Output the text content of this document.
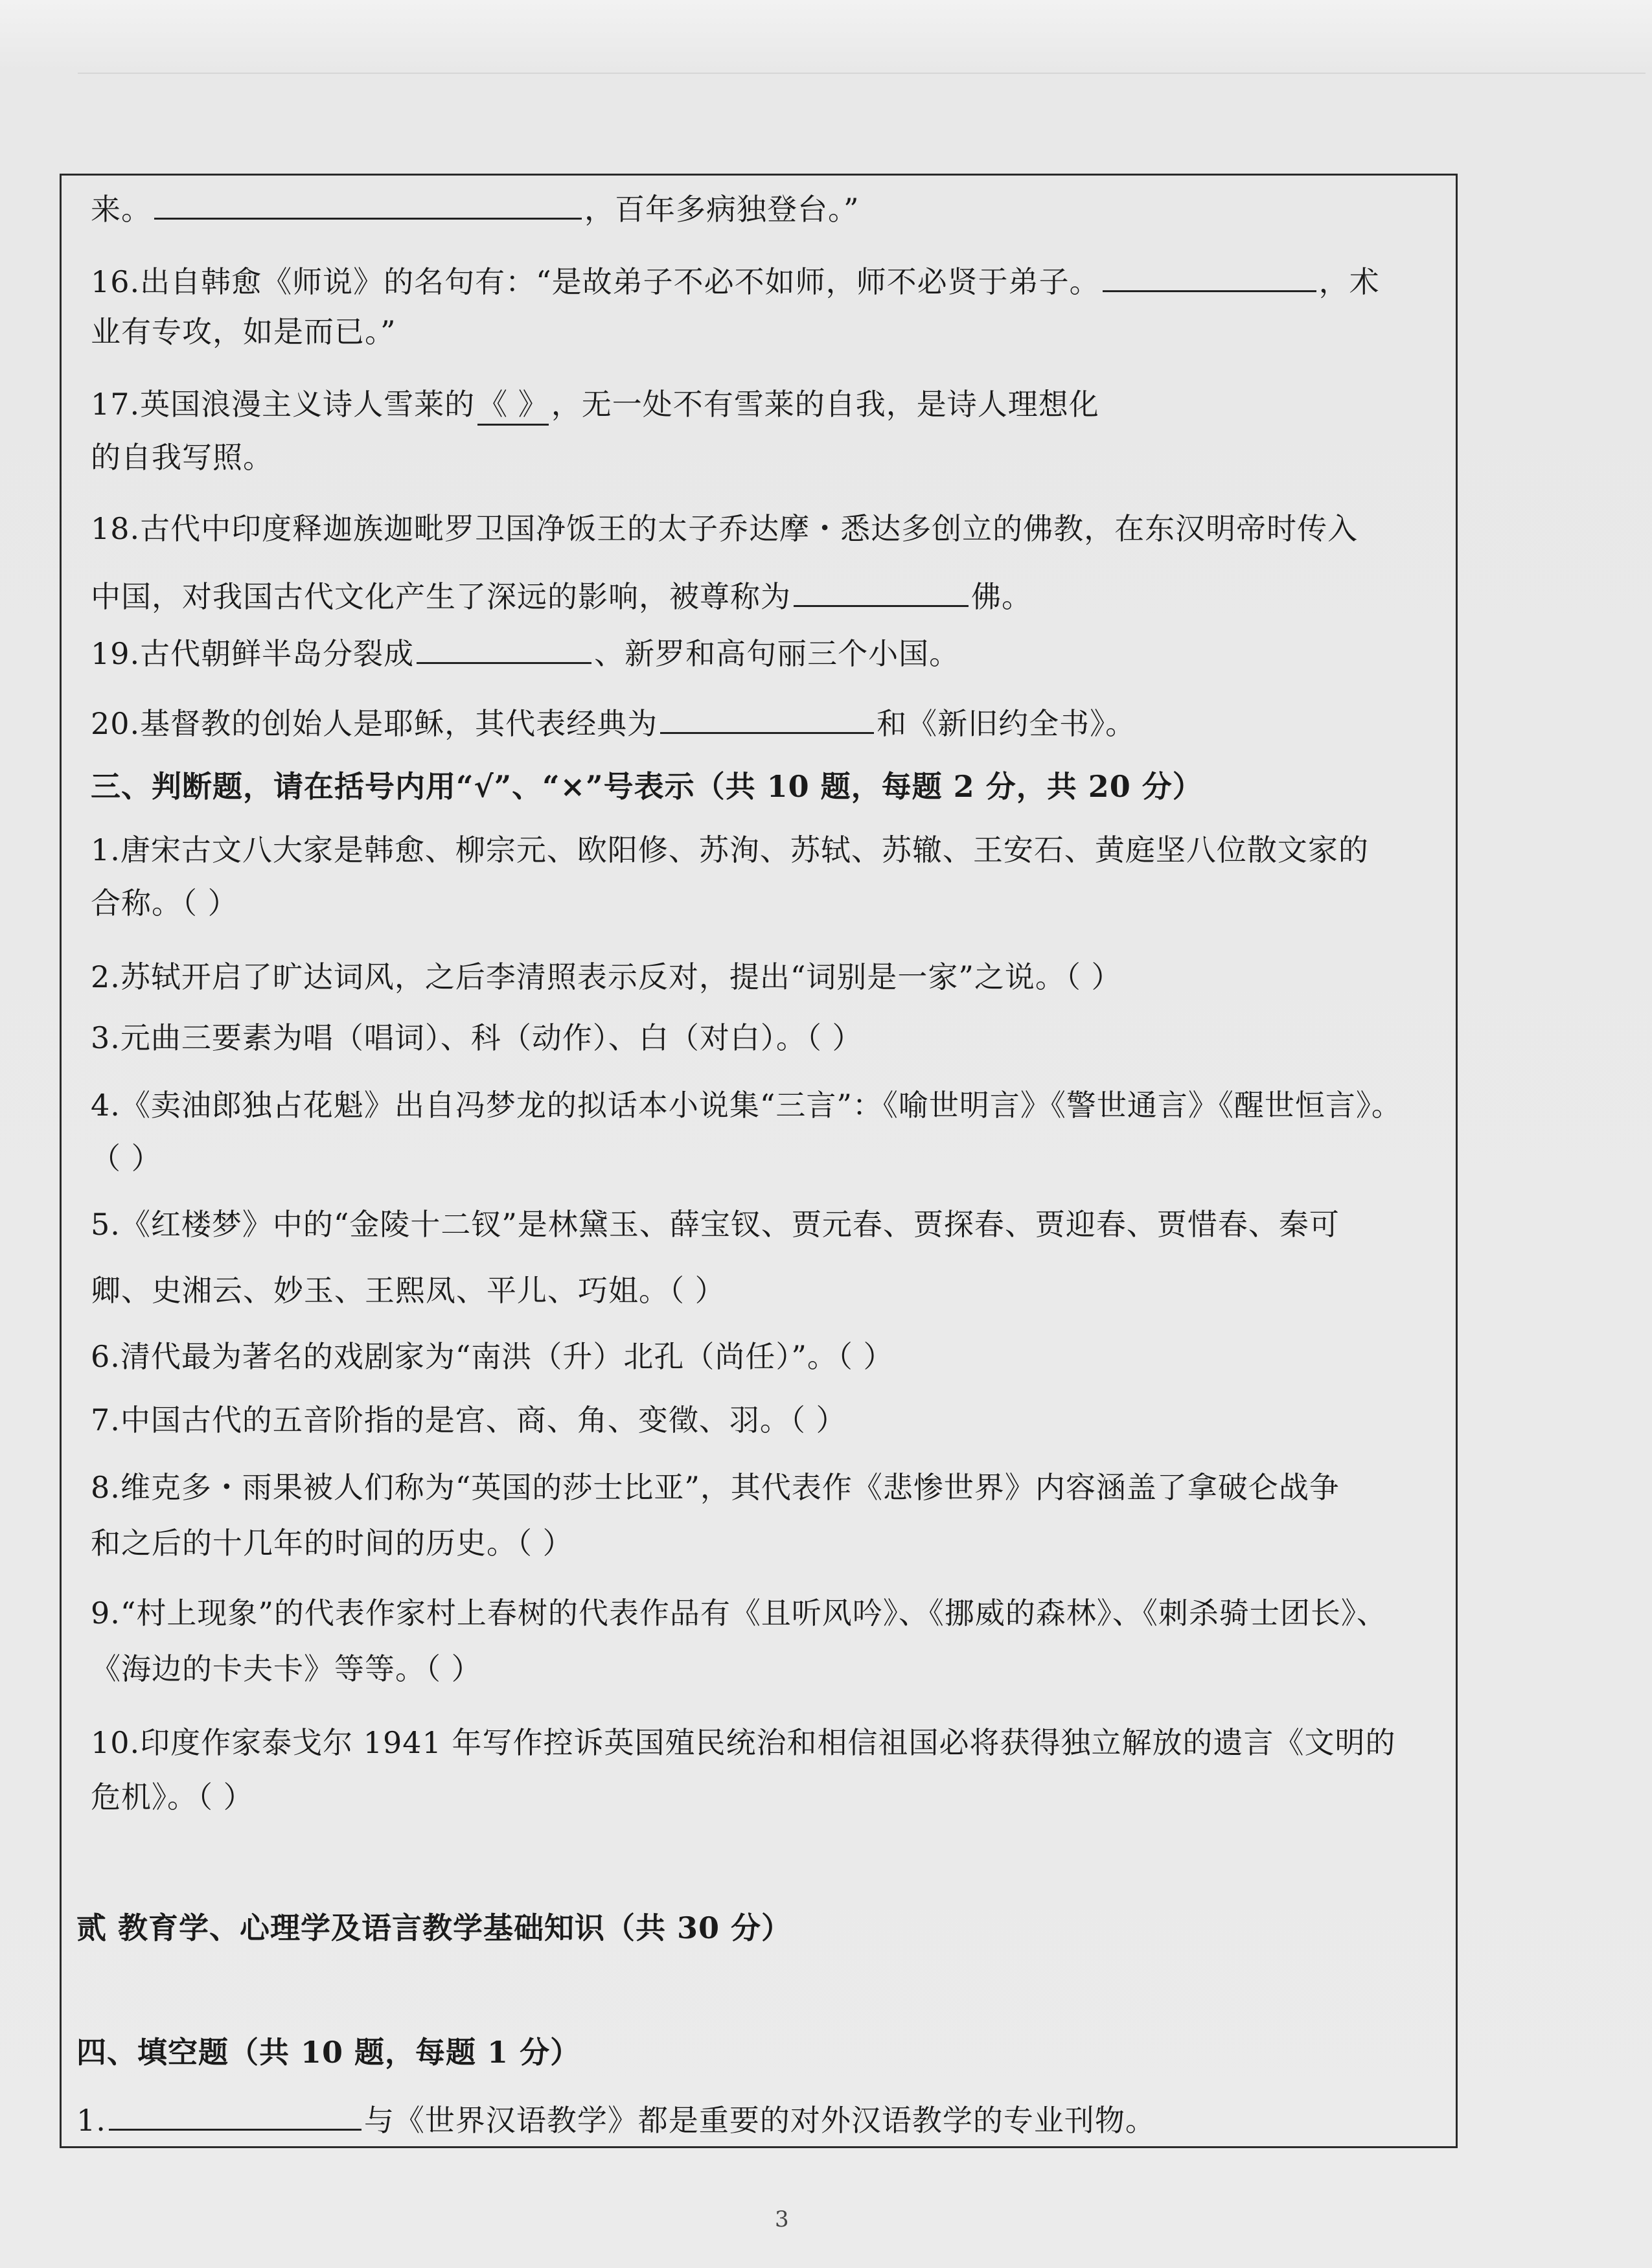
来。	，百年多病独登台。”
16.出自韩愈《师说》的名句有：“是故弟子不必不如师，师不必贤于弟子。	，术
业有专攻，如是而已。”
17.英国浪漫主义诗人雪莱的《 》，无一处不有雪莱的自我，是诗人理想化
的自我写照。
18.古代中印度释迦族迦毗罗卫国净饭王的太子乔达摩・悉达多创立的佛教，在东汉明帝时传入
中国，对我国古代文化产生了深远的影响，被尊称为	佛。
19.古代朝鲜半岛分裂成	、新罗和高句丽三个小国。
20.基督教的创始人是耶稣，其代表经典为	和《新旧约全书》。
三、判断题，请在括号内用“√”、“×”号表示（共 10 题，每题 2 分，共 20 分）
1.唐宋古文八大家是韩愈、柳宗元、欧阳修、苏洵、苏轼、苏辙、王安石、黄庭坚八位散文家的
合称。（ ）
2.苏轼开启了旷达词风，之后李清照表示反对，提出“词别是一家”之说。（ ）
3.元曲三要素为唱（唱词）、科（动作）、白（对白）。（ ）
4.《卖油郎独占花魁》出自冯梦龙的拟话本小说集“三言”：《喻世明言》《警世通言》《醒世恒言》。
（ ）
5.《红楼梦》中的“金陵十二钗”是林黛玉、薛宝钗、贾元春、贾探春、贾迎春、贾惜春、秦可
卿、史湘云、妙玉、王熙凤、平儿、巧姐。（ ）
6.清代最为著名的戏剧家为“南洪（升）北孔（尚任）”。（ ）
7.中国古代的五音阶指的是宫、商、角、变徵、羽。（ ）
8.维克多・雨果被人们称为“英国的莎士比亚”，其代表作《悲惨世界》内容涵盖了拿破仑战争
和之后的十几年的时间的历史。（ ）
9.“村上现象”的代表作家村上春树的代表作品有《且听风吟》、《挪威的森林》、《刺杀骑士团长》、
《海边的卡夫卡》等等。（ ）
10.印度作家泰戈尔 1941 年写作控诉英国殖民统治和相信祖国必将获得独立解放的遗言《文明的
危机》。（ ）
贰 教育学、心理学及语言教学基础知识（共 30 分）
四、填空题（共 10 题，每题 1 分）
1.	与《世界汉语教学》都是重要的对外汉语教学的专业刊物。
3
